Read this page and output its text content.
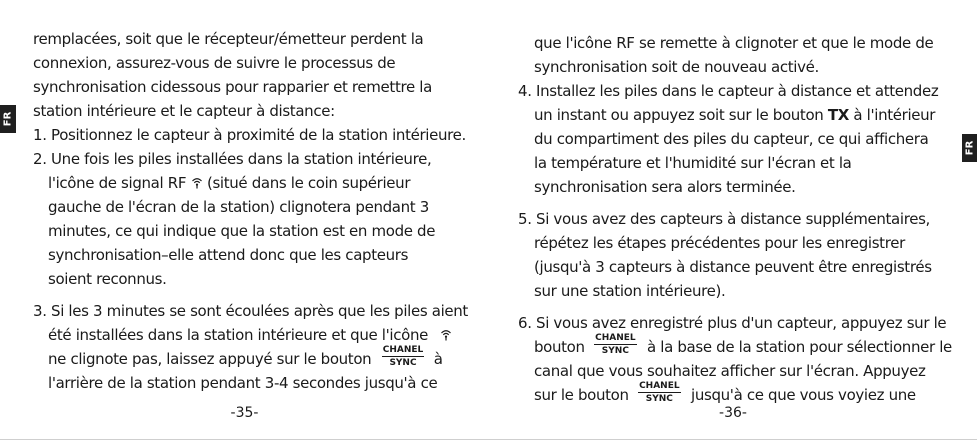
FR
remplacées, soit que le récepteur/émetteur perdent la
connexion, assurez-vous de suivre le processus de
synchronisation cidessous pour rapparier et remettre la
station intérieure et le capteur à distance:
1. Positionnez le capteur à proximité de la station intérieure.
2. Une fois les piles installées dans la station intérieure,
l'icône de signal RF (situé dans le coin supérieur
gauche de l'écran de la station) clignotera pendant 3
minutes, ce qui indique que la station est en mode de
synchronisation–elle attend donc que les capteurs
soient reconnus.
3. Si les 3 minutes se sont écoulées après que les piles aient
été installées dans la station intérieure et que l'icône
ne clignote pas, laissez appuyé sur le bouton CHANEL
SYNC	à
l'arrière de la station pendant 3-4 secondes jusqu'à ce
-35-
que l'icône RF se remette à clignoter et que le mode de
synchronisation soit de nouveau activé.
4. Installez les piles dans le capteur à distance et attendez
un instant ou appuyez soit sur le bouton TX à l'intérieur
du compartiment des piles du capteur, ce qui affichera
la température et l'humidité sur l'écran et la
synchronisation sera alors terminée.
5. Si vous avez des capteurs à distance supplémentaires,
répétez les étapes précédentes pour les enregistrer
(jusqu'à 3 capteurs à distance peuvent être enregistrés
sur une station intérieure).
6. Si vous avez enregistré plus d'un capteur, appuyez sur le
bouton CHANEL
SYNC	à la base de la station pour sélectionner le
canal que vous souhaitez afficher sur l'écran. Appuyez
sur le bouton CHANEL
SYNC	jusqu'à ce que vous voyiez une
-36-
FR
